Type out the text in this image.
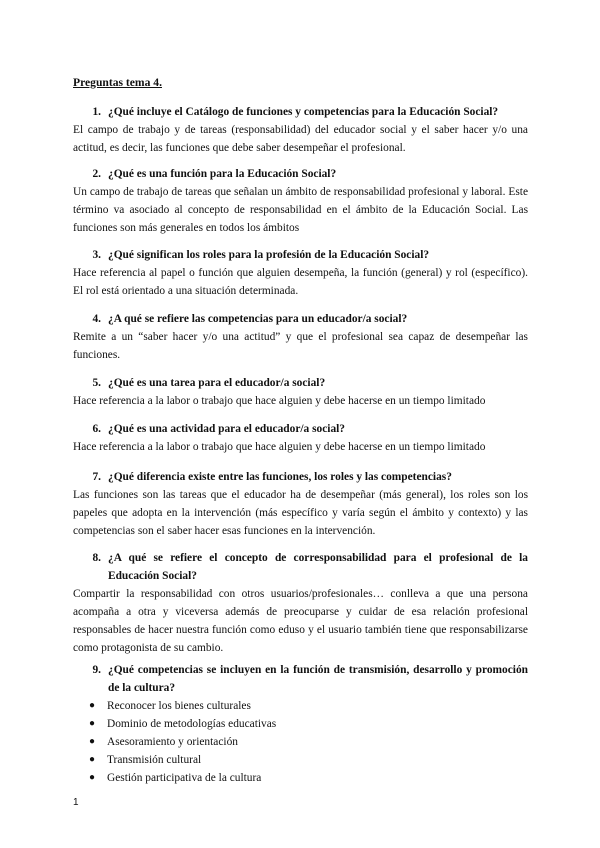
Preguntas tema 4.
1. ¿Qué incluye el Catálogo de funciones y competencias para la Educación Social?
El campo de trabajo y de tareas (responsabilidad) del educador social y el saber hacer y/o una actitud, es decir, las funciones que debe saber desempeñar el profesional.
2. ¿Qué es una función para la Educación Social?
Un campo de trabajo de tareas que señalan un ámbito de responsabilidad profesional y laboral. Este término va asociado al concepto de responsabilidad en el ámbito de la Educación Social. Las funciones son más generales en todos los ámbitos
3. ¿Qué significan los roles para la profesión de la Educación Social?
Hace referencia al papel o función que alguien desempeña, la función (general) y rol (específico). El rol está orientado a una situación determinada.
4. ¿A qué se refiere las competencias para un educador/a social?
Remite a un “saber hacer y/o una actitud” y que el profesional sea capaz de desempeñar las funciones.
5. ¿Qué es una tarea para el educador/a social?
Hace referencia a la labor o trabajo que hace alguien y debe hacerse en un tiempo limitado
6. ¿Qué es una actividad para el educador/a social?
Hace referencia a la labor o trabajo que hace alguien y debe hacerse en un tiempo limitado
7. ¿Qué diferencia existe entre las funciones, los roles y las competencias?
Las funciones son las tareas que el educador ha de desempeñar (más general), los roles son los papeles que adopta en la intervención (más específico y varía según el ámbito y contexto) y las competencias son el saber hacer esas funciones en la intervención.
8. ¿A qué se refiere el concepto de corresponsabilidad para el profesional de la Educación Social?
Compartir la responsabilidad con otros usuarios/profesionales… conlleva a que una persona acompaña a otra y viceversa además de preocuparse y cuidar de esa relación profesional responsables de hacer nuestra función como eduso y el usuario también tiene que responsabilizarse como protagonista de su cambio.
9. ¿Qué competencias se incluyen en la función de transmisión, desarrollo y promoción de la cultura?
●	Reconocer los bienes culturales
●	Dominio de metodologías educativas
●	Asesoramiento y orientación
●	Transmisión cultural
●	Gestión participativa de la cultura
1
